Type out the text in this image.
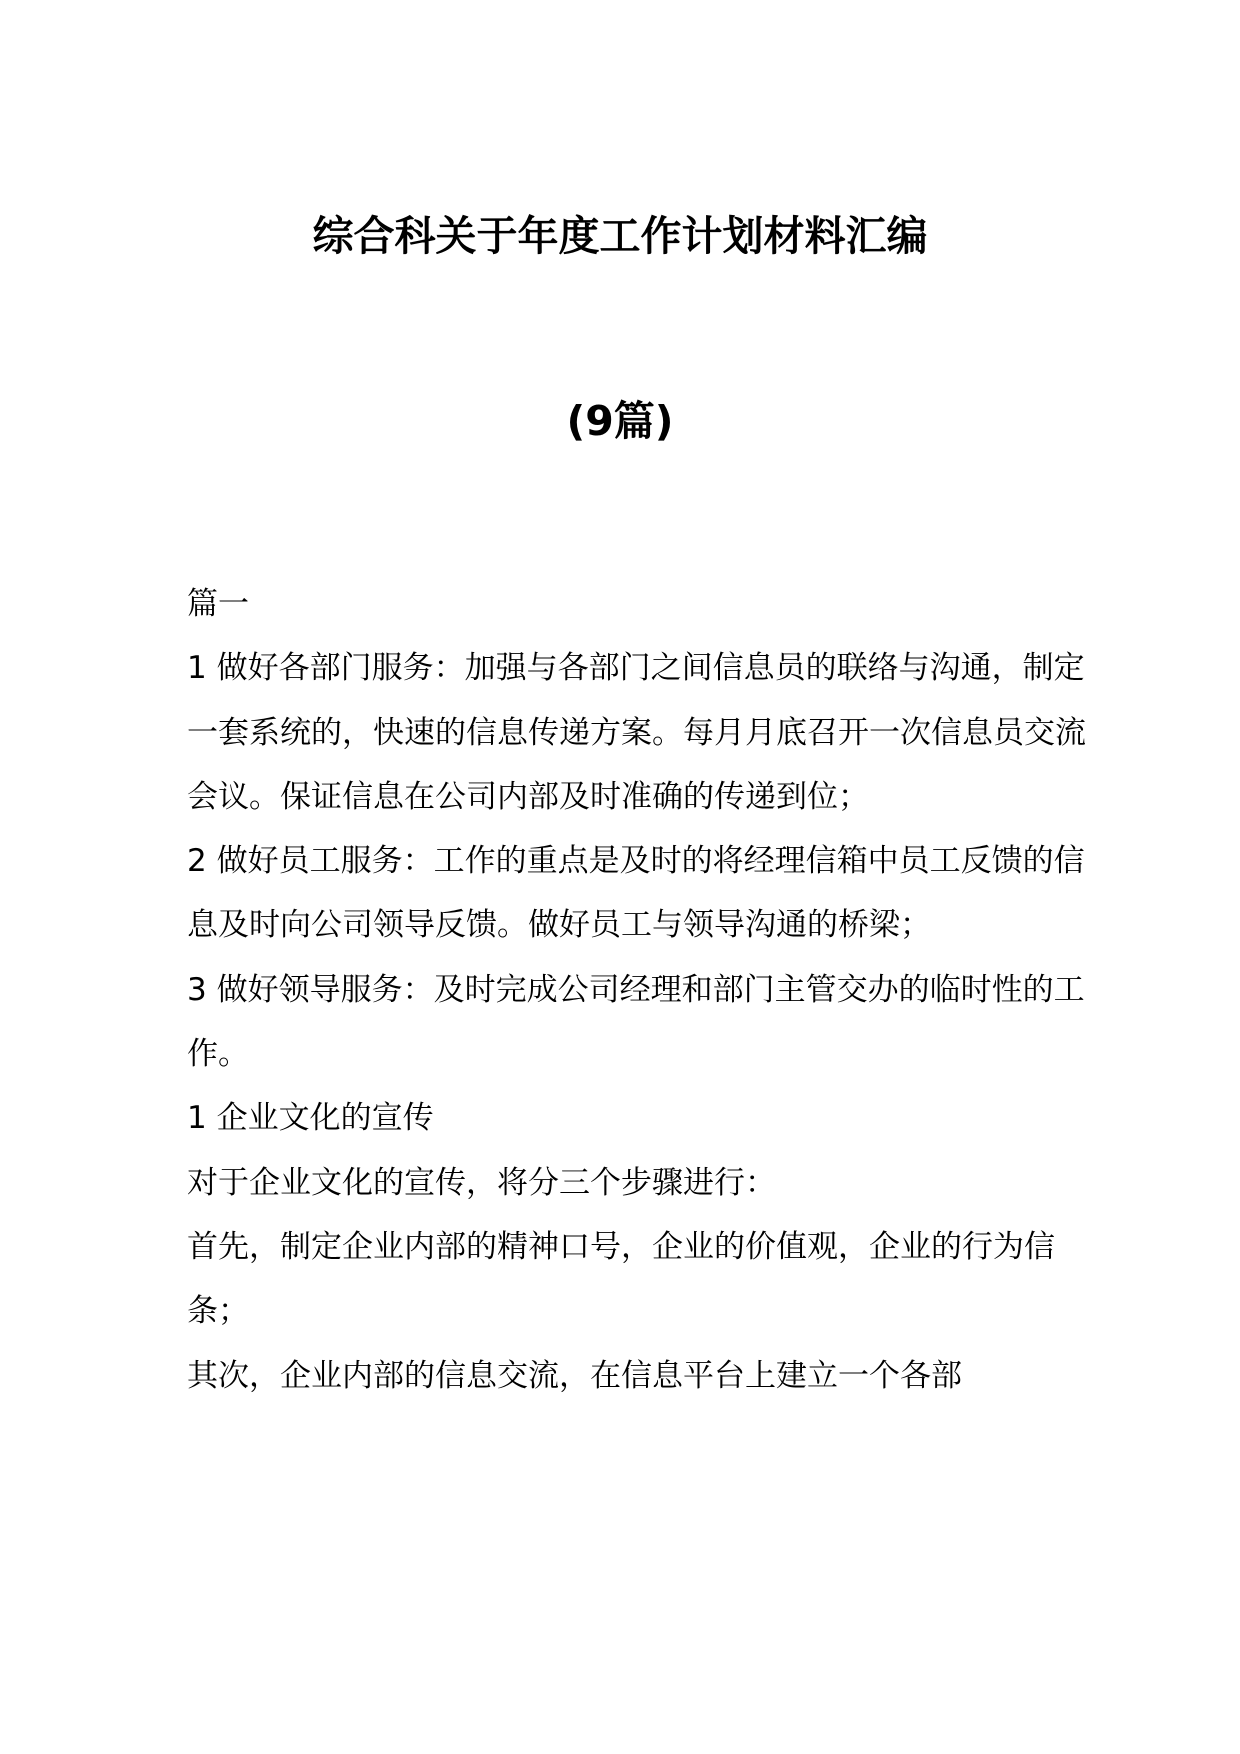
综合科关于年度工作计划材料汇编
(9篇)

篇一

1 做好各部门服务：加强与各部门之间信息员的联络与沟通，制定一套系统的，快速的信息传递方案。每月月底召开一次信息员交流会议。保证信息在公司内部及时准确的传递到位；

2 做好员工服务：工作的重点是及时的将经理信箱中员工反馈的信息及时向公司领导反馈。做好员工与领导沟通的桥梁；

3 做好领导服务：及时完成公司经理和部门主管交办的临时性的工作。

1 企业文化的宣传

对于企业文化的宣传，将分三个步骤进行：

首先，制定企业内部的精神口号，企业的价值观，企业的行为信条；

其次，企业内部的信息交流，在信息平台上建立一个各部
